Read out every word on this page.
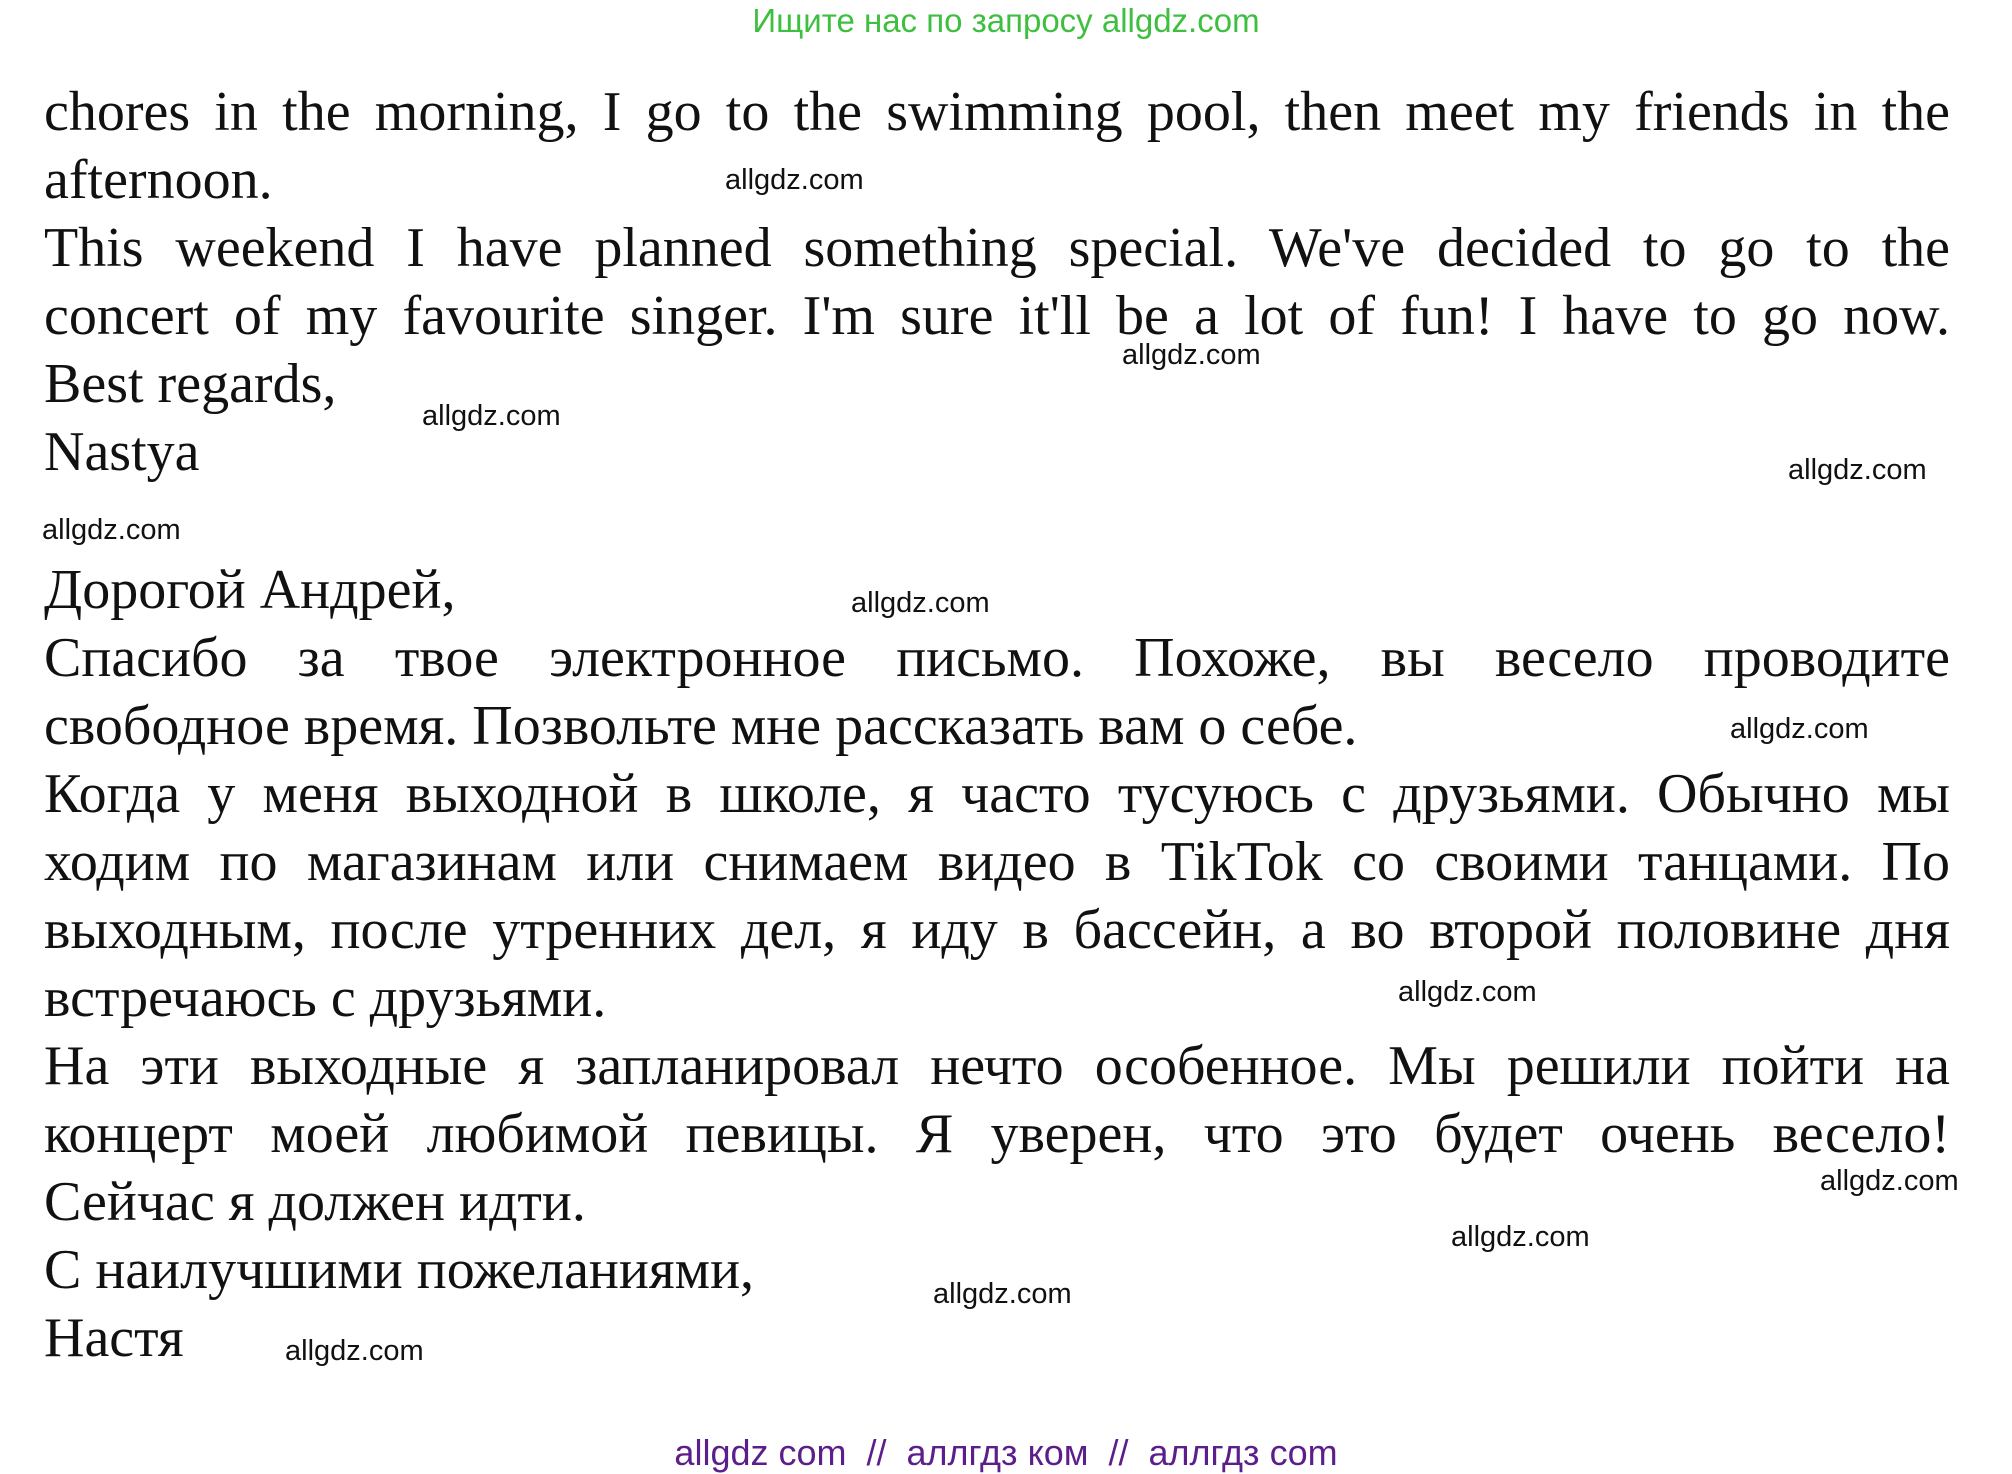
Ищите нас по запросу allgdz.com
chores in the morning, I go to the swimming pool, then meet my friends in the
afternoon.
This weekend I have planned something special. We've decided to go to the
concert of my favourite singer. I'm sure it'll be a lot of fun! I have to go now.
Best regards,
Nastya
Дорогой Андрей,
Спасибо за твое электронное письмо. Похоже, вы весело проводите
свободное время. Позвольте мне рассказать вам о себе.
Когда у меня выходной в школе, я часто тусуюсь с друзьями. Обычно мы
ходим по магазинам или снимаем видео в TikTok со своими танцами. По
выходным, после утренних дел, я иду в бассейн, а во второй половине дня
встречаюсь с друзьями.
На эти выходные я запланировал нечто особенное. Мы решили пойти на
концерт моей любимой певицы. Я уверен, что это будет очень весело!
Сейчас я должен идти.
С наилучшими пожеланиями,
Настя
allgdz.com
allgdz.com
allgdz.com
allgdz.com
allgdz.com
allgdz.com
allgdz.com
allgdz.com
allgdz.com
allgdz.com
allgdz.com
allgdz.com
allgdz com  //  аллгдз ком  //  аллгдз com
